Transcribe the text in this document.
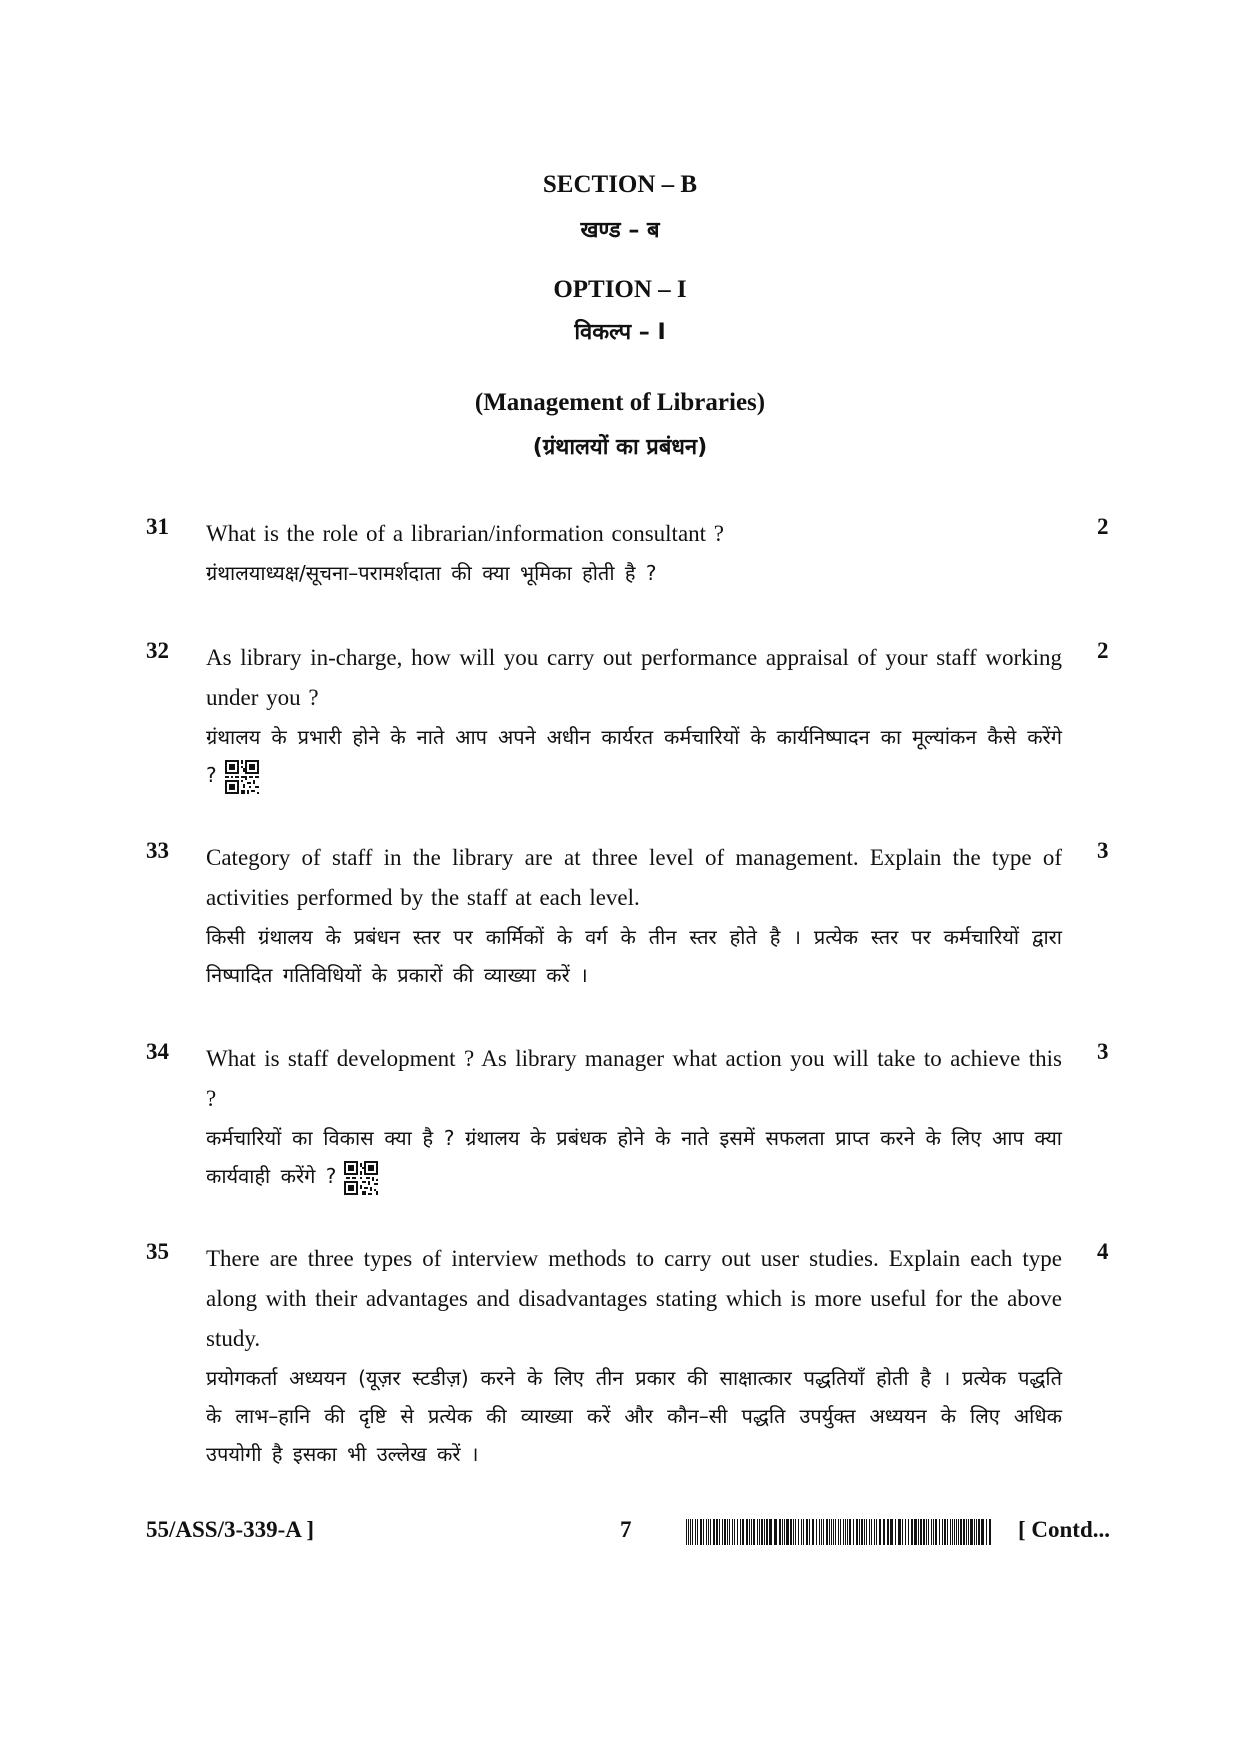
SECTION – B
खण्ड – ब
OPTION – I
विकल्प – I
(Management of Libraries)
(ग्रंथालयों का प्रबंधन)
31 What is the role of a librarian/information consultant ?

ग्रंथालयाध्यक्ष/सूचना–परामर्शदाता की क्या भूमिका होती है ?

2
32 As library in-charge, how will you carry out performance appraisal of your staff working under you ?

ग्रंथालय के प्रभारी होने के नाते आप अपने अधीन कार्यरत कर्मचारियों के कार्यनिष्पादन का मूल्यांकन कैसे करेंगे ?

2
33 Category of staff in the library are at three level of management. Explain the type of activities performed by the staff at each level.

किसी ग्रंथालय के प्रबंधन स्तर पर कार्मिकों के वर्ग के तीन स्तर होते है । प्रत्येक स्तर पर कर्मचारियों द्वारा निष्पादित गतिविधियों के प्रकारों की व्याख्या करें ।

3
34 What is staff development ? As library manager what action you will take to achieve this ?

कर्मचारियों का विकास क्या है ? ग्रंथालय के प्रबंधक होने के नाते इसमें सफलता प्राप्त करने के लिए आप क्या कार्यवाही करेंगे ?

3
35 There are three types of interview methods to carry out user studies. Explain each type along with their advantages and disadvantages stating which is more useful for the above study.

प्रयोगकर्ता अध्ययन (यूज़र स्टडीज़) करने के लिए तीन प्रकार की साक्षात्कार पद्धतियाँ होती है । प्रत्येक पद्धति के लाभ–हानि की दृष्टि से प्रत्येक की व्याख्या करें और कौन–सी पद्धति उपर्युक्त अध्ययन के लिए अधिक उपयोगी है इसका भी उल्लेख करें ।

4
55/ASS/3-339-A ]	7	[ Contd...
